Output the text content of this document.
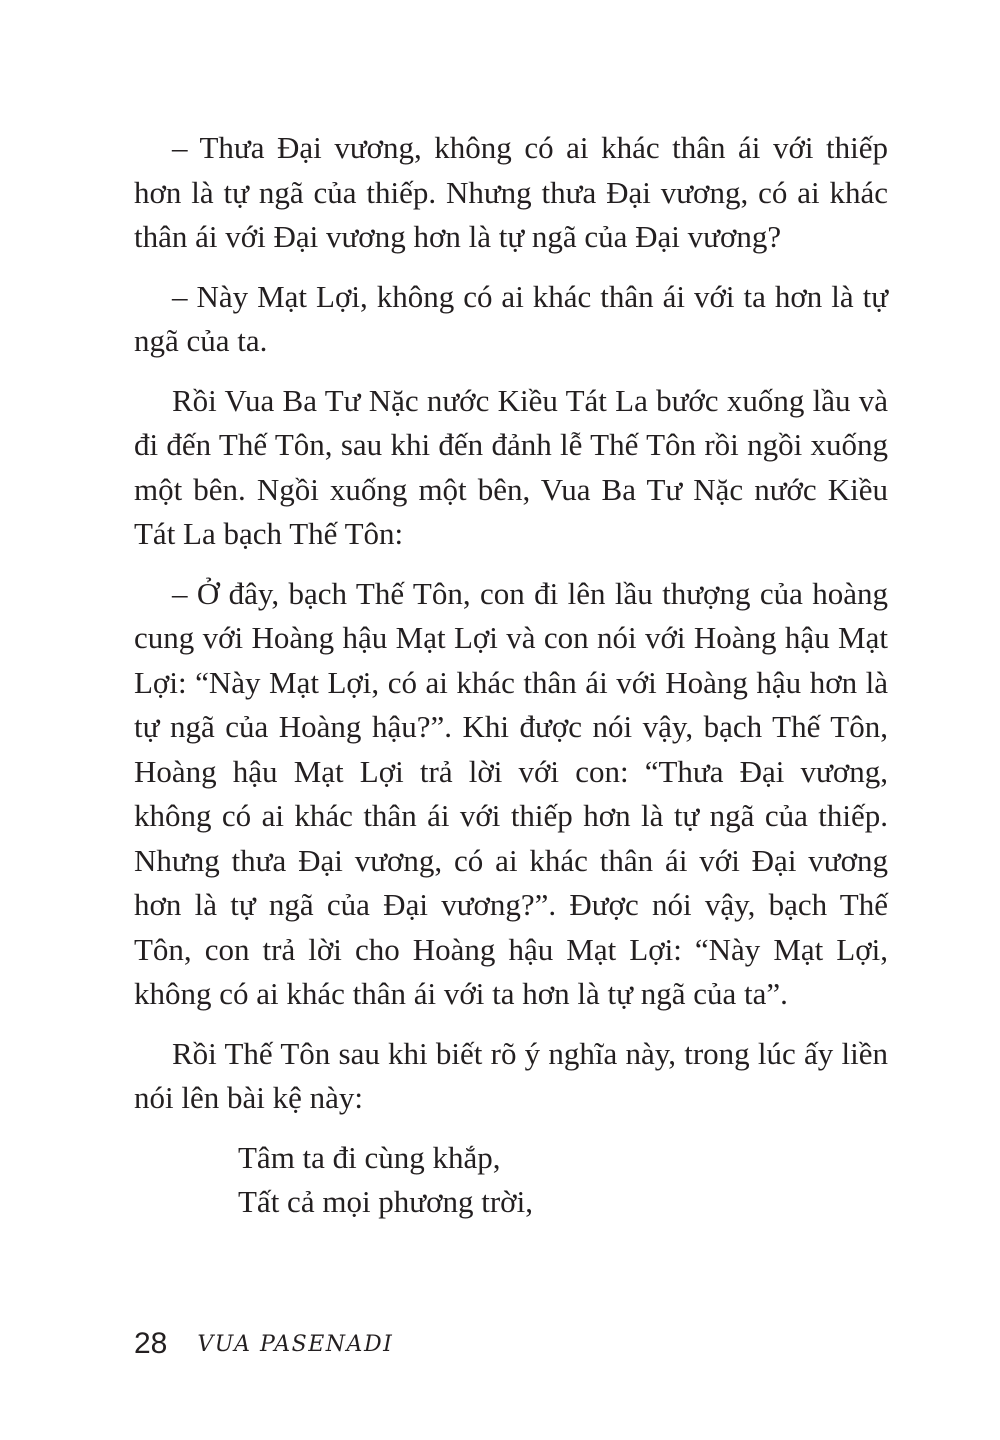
– Thưa Đại vương, không có ai khác thân ái với thiếp hơn là tự ngã của thiếp. Nhưng thưa Đại vương, có ai khác thân ái với Đại vương hơn là tự ngã của Đại vương?

– Này Mạt Lợi, không có ai khác thân ái với ta hơn là tự ngã của ta.

Rồi Vua Ba Tư Nặc nước Kiều Tát La bước xuống lầu và đi đến Thế Tôn, sau khi đến đảnh lễ Thế Tôn rồi ngồi xuống một bên. Ngồi xuống một bên, Vua Ba Tư Nặc nước Kiều Tát La bạch Thế Tôn:

– Ở đây, bạch Thế Tôn, con đi lên lầu thượng của hoàng cung với Hoàng hậu Mạt Lợi và con nói với Hoàng hậu Mạt Lợi: “Này Mạt Lợi, có ai khác thân ái với Hoàng hậu hơn là tự ngã của Hoàng hậu?”. Khi được nói vậy, bạch Thế Tôn, Hoàng hậu Mạt Lợi trả lời với con: “Thưa Đại vương, không có ai khác thân ái với thiếp hơn là tự ngã của thiếp. Nhưng thưa Đại vương, có ai khác thân ái với Đại vương hơn là tự ngã của Đại vương?”. Được nói vậy, bạch Thế Tôn, con trả lời cho Hoàng hậu Mạt Lợi: “Này Mạt Lợi, không có ai khác thân ái với ta hơn là tự ngã của ta”.

Rồi Thế Tôn sau khi biết rõ ý nghĩa này, trong lúc ấy liền nói lên bài kệ này:

Tâm ta đi cùng khắp,
Tất cả mọi phương trời,
28 VUA PASENADI
